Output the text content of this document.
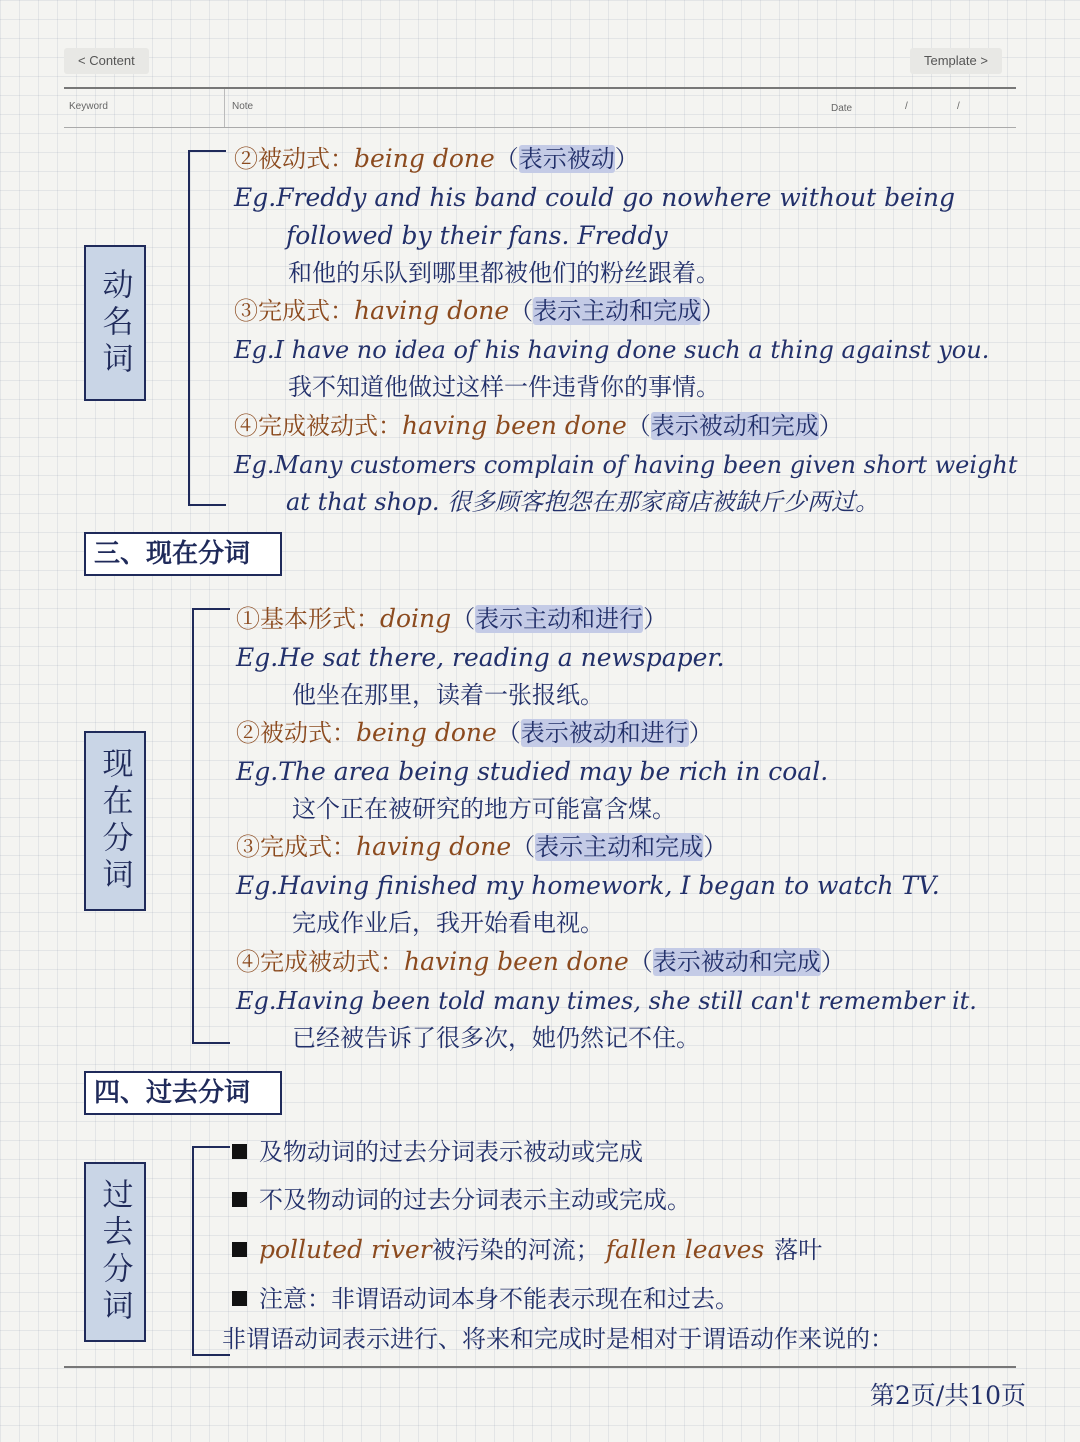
< Content	Template >
Keyword	Note	Date	/	/
动名词
②被动式：being done（表示被动）
Eg.Freddy and his band could go nowhere without being
followed by their fans. Freddy
和他的乐队到哪里都被他们的粉丝跟着。
③完成式：having done（表示主动和完成）
Eg.I have no idea of his having done such a thing against you.
我不知道他做过这样一件违背你的事情。
④完成被动式：having been done（表示被动和完成）
Eg.Many customers complain of having been given short weight
at that shop. 很多顾客抱怨在那家商店被缺斤少两过。
三、现在分词
现在分词
①基本形式：doing（表示主动和进行）
Eg.He sat there, reading a newspaper.
他坐在那里，读着一张报纸。
②被动式：being done（表示被动和进行）
Eg.The area being studied may be rich in coal.
这个正在被研究的地方可能富含煤。
③完成式：having done（表示主动和完成）
Eg.Having finished my homework, I began to watch TV.
完成作业后，我开始看电视。
④完成被动式：having been done（表示被动和完成）
Eg.Having been told many times, she still can't remember it.
已经被告诉了很多次，她仍然记不住。
四、过去分词
过去分词
及物动词的过去分词表示被动或完成
不及物动词的过去分词表示主动或完成。
polluted river被污染的河流； fallen leaves 落叶
注意：非谓语动词本身不能表示现在和过去。
非谓语动词表示进行、将来和完成时是相对于谓语动作来说的：
第2页/共10页
